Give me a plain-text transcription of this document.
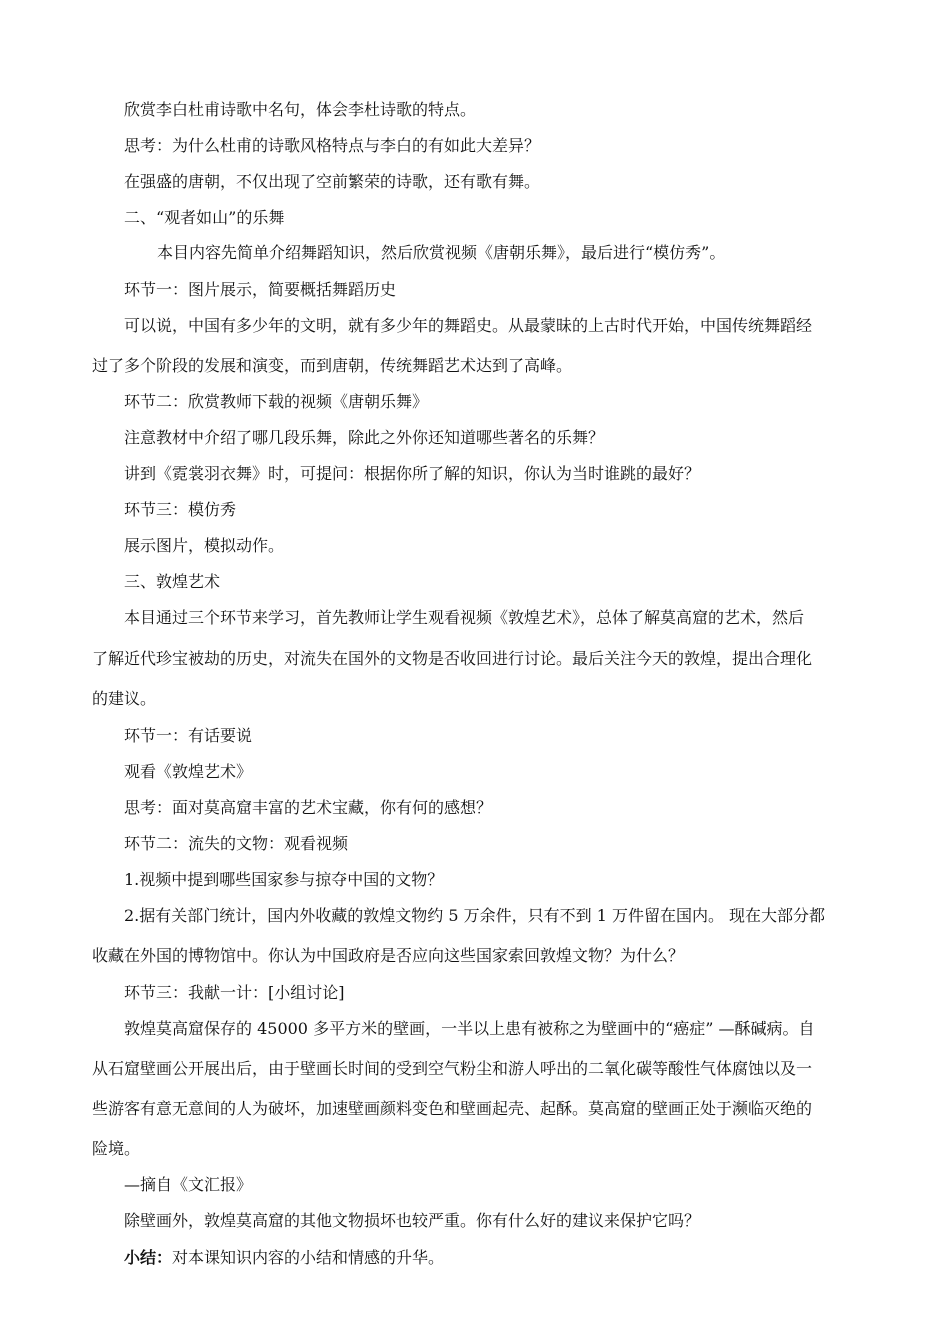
欣赏李白杜甫诗歌中名句，体会李杜诗歌的特点。
思考：为什么杜甫的诗歌风格特点与李白的有如此大差异？
在强盛的唐朝，不仅出现了空前繁荣的诗歌，还有歌有舞。
二、“观者如山”的乐舞
本目内容先简单介绍舞蹈知识，然后欣赏视频《唐朝乐舞》，最后进行“模仿秀”。
环节一：图片展示，简要概括舞蹈历史
可以说，中国有多少年的文明，就有多少年的舞蹈史。从最蒙昧的上古时代开始，中国传统舞蹈经
过了多个阶段的发展和演变，而到唐朝，传统舞蹈艺术达到了高峰。
环节二：欣赏教师下载的视频《唐朝乐舞》
注意教材中介绍了哪几段乐舞，除此之外你还知道哪些著名的乐舞？
讲到《霓裳羽衣舞》时，可提问：根据你所了解的知识，你认为当时谁跳的最好？
环节三：模仿秀
展示图片，模拟动作。
三、敦煌艺术
本目通过三个环节来学习，首先教师让学生观看视频《敦煌艺术》，总体了解莫高窟的艺术，然后
了解近代珍宝被劫的历史，对流失在国外的文物是否收回进行讨论。最后关注今天的敦煌，提出合理化
的建议。
环节一：有话要说
观看《敦煌艺术》
思考：面对莫高窟丰富的艺术宝藏，你有何的感想？
环节二：流失的文物：观看视频
1.视频中提到哪些国家参与掠夺中国的文物？
2.据有关部门统计，国内外收藏的敦煌文物约 5 万余件，只有不到 1 万件留在国内。 现在大部分都
收藏在外国的博物馆中。你认为中国政府是否应向这些国家索回敦煌文物？为什么？
环节三：我献一计：[小组讨论]
敦煌莫高窟保存的 45000 多平方米的壁画，一半以上患有被称之为壁画中的“癌症” —酥碱病。自
从石窟壁画公开展出后，由于壁画长时间的受到空气粉尘和游人呼出的二氧化碳等酸性气体腐蚀以及一
些游客有意无意间的人为破坏，加速壁画颜料变色和壁画起壳、起酥。莫高窟的壁画正处于濒临灭绝的
险境。
—摘自《文汇报》
除壁画外，敦煌莫高窟的其他文物损坏也较严重。你有什么好的建议来保护它吗？
小结：对本课知识内容的小结和情感的升华。
